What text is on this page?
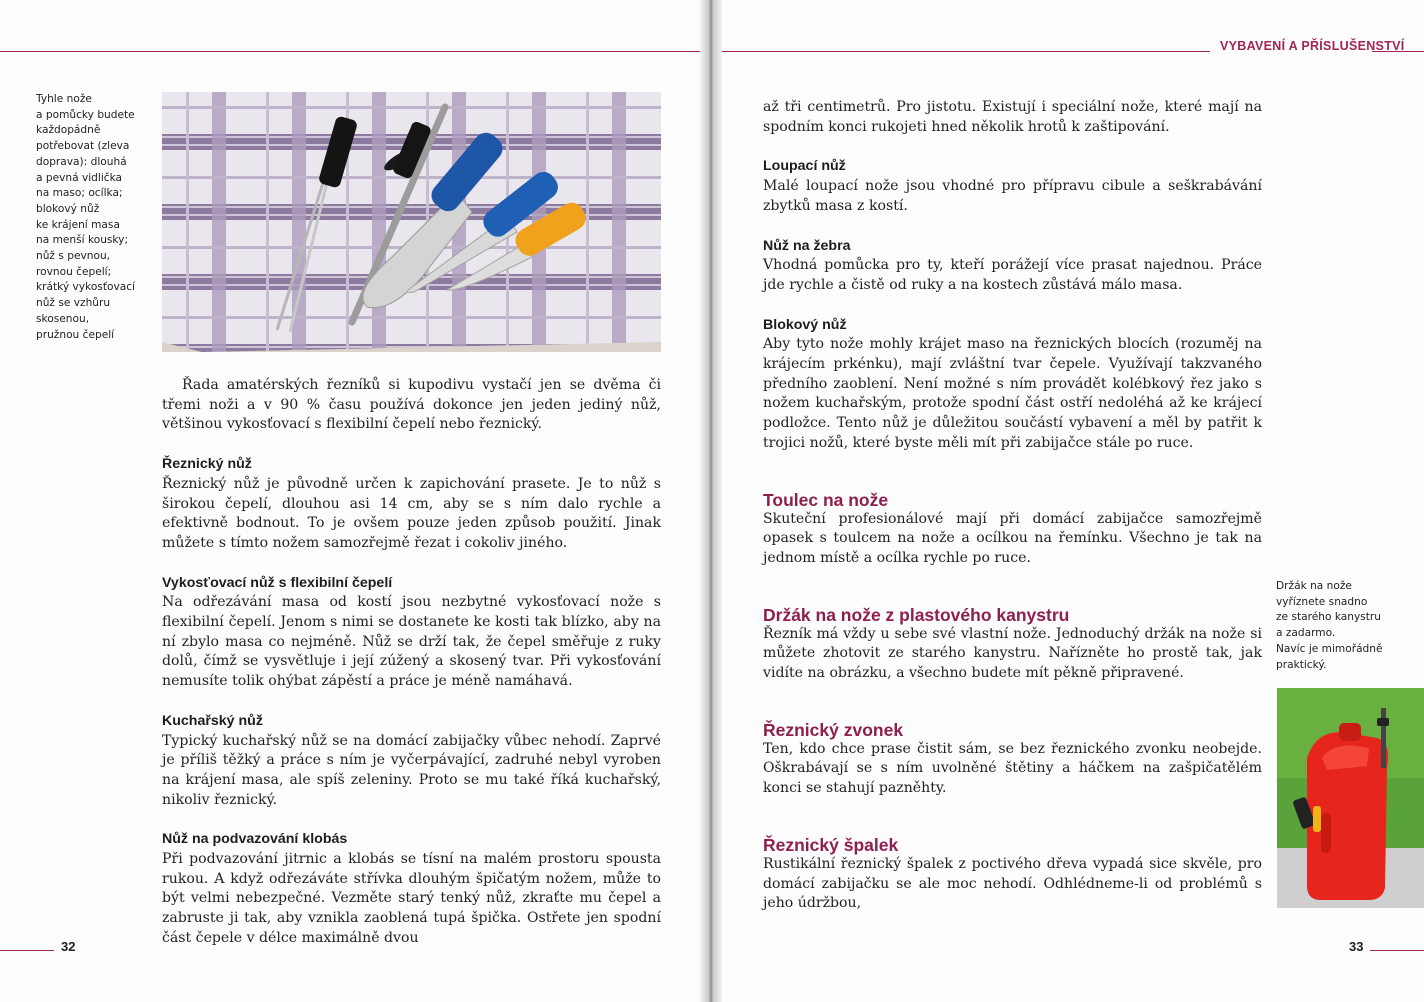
VYBAVENÍ A PŘÍSLUŠENSTVÍ
Tyhle nože
a pomůcky budete
každopádně
potřebovat (zleva
doprava): dlouhá
a pevná vidlička
na maso; ocílka;
blokový nůž
ke krájení masa
na menší kousky;
nůž s pevnou,
rovnou čepelí;
krátký vykosťovací
nůž se vzhůru
skosenou,
pružnou čepelí

Řada amatérských řezníků si kupodivu vystačí jen se dvěma či třemi noži a v 90 % času používá dokonce jen jeden jediný nůž, většinou vykosťovací s flexibilní čepelí nebo řeznický.

Řeznický nůž

Řeznický nůž je původně určen k zapichování prasete. Je to nůž s širokou čepelí, dlouhou asi 14 cm, aby se s ním dalo rychle a efektivně bodnout. To je ovšem pouze jeden způsob použití. Jinak můžete s tímto nožem samozřejmě řezat i cokoliv jiného.

Vykosťovací nůž s flexibilní čepelí

Na odřezávání masa od kostí jsou nezbytné vykosťovací nože s flexibilní čepelí. Jenom s nimi se dostanete ke kosti tak blízko, aby na ní zbylo masa co nejméně. Nůž se drží tak, že čepel směřuje z ruky dolů, čímž se vysvětluje i její zúžený a skosený tvar. Při vykosťování nemusíte tolik ohýbat zápěstí a práce je méně namáhavá.

Kuchařský nůž

Typický kuchařský nůž se na domácí zabijačky vůbec nehodí. Zaprvé je příliš těžký a práce s ním je vyčerpávající, zadruhé nebyl vyroben na krájení masa, ale spíš zeleniny. Proto se mu také říká kuchařský, nikoliv řeznický.

Nůž na podvazování klobás

Při podvazování jitrnic a klobás se tísní na malém prostoru spousta rukou. A když odřezáváte střívka dlouhým špičatým nožem, může to být velmi nebezpečné. Vezměte starý tenký nůž, zkraťte mu čepel a zabruste ji tak, aby vznikla zaoblená tupá špička. Ostřete jen spodní část čepele v délce maximálně dvou

32

až tři centimetrů. Pro jistotu. Existují i speciální nože, které mají na spodním konci rukojeti hned několik hrotů k zaštipování.

Loupací nůž

Malé loupací nože jsou vhodné pro přípravu cibule a seškrabávání zbytků masa z kostí.

Nůž na žebra

Vhodná pomůcka pro ty, kteří porážejí více prasat najednou. Práce jde rychle a čistě od ruky a na kostech zůstává málo masa.

Blokový nůž

Aby tyto nože mohly krájet maso na řeznických blocích (rozuměj na krájecím prkénku), mají zvláštní tvar čepele. Využívají takzvaného předního zaoblení. Není možné s ním provádět kolébkový řez jako s nožem kuchařským, protože spodní část ostří nedoléhá až ke krájecí podložce. Tento nůž je důležitou součástí vybavení a měl by patřit k trojici nožů, které byste měli mít při zabijačce stále po ruce.

Toulec na nože

Skuteční profesionálové mají při domácí zabijačce samozřejmě opasek s toulcem na nože a ocílkou na řemínku. Všechno je tak na jednom místě a ocílka rychle po ruce.

Držák na nože z plastového kanystru

Řezník má vždy u sebe své vlastní nože. Jednoduchý držák na nože si můžete zhotovit ze starého kanystru. Nařízněte ho prostě tak, jak vidíte na obrázku, a všechno budete mít pěkně připravené.

Řeznický zvonek

Ten, kdo chce prase čistit sám, se bez řeznického zvonku neobejde. Oškrabávají se s ním uvolněné štětiny a háčkem na zašpičatělém konci se stahují pazněhty.

Řeznický špalek

Rustikální řeznický špalek z poctivého dřeva vypadá sice skvěle, pro domácí zabijačku se ale moc nehodí. Odhlédneme-li od problémů s jeho údržbou,

Držák na nože
vyříznete snadno
ze starého kanystru
a zadarmo.
Navíc je mimořádně
praktický.
33
